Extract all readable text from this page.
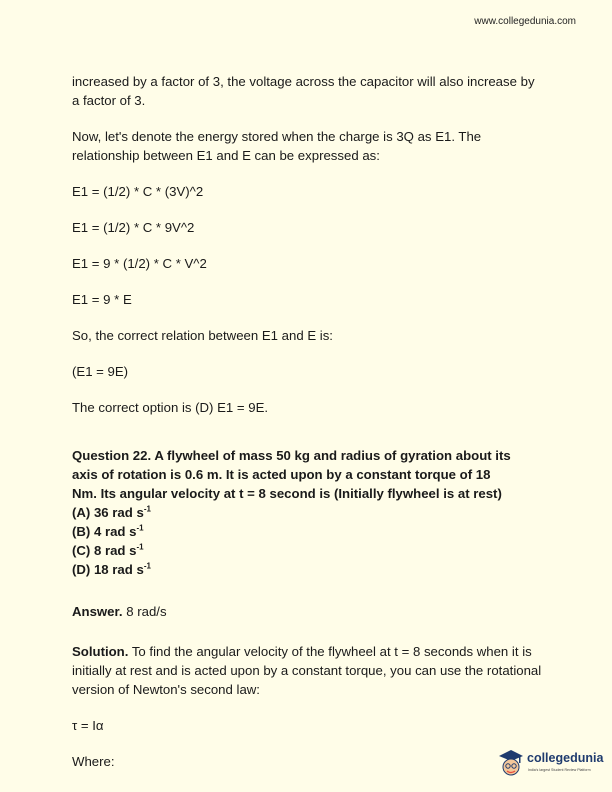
www.collegedunia.com

increased by a factor of 3, the voltage across the capacitor will also increase by a factor of 3.

Now, let's denote the energy stored when the charge is 3Q as E1. The relationship between E1 and E can be expressed as:

E1 = (1/2) * C * (3V)^2

E1 = (1/2) * C * 9V^2

E1 = 9 * (1/2) * C * V^2

E1 = 9 * E

So, the correct relation between E1 and E is:

(E1 = 9E)

The correct option is (D) E1 = 9E.

Question 22. A flywheel of mass 50 kg and radius of gyration about its

axis of rotation is 0.6 m. It is acted upon by a constant torque of 18

Nm. Its angular velocity at t = 8 second is (Initially flywheel is at rest)

(A) 36 rad $s^{-1}$

(B) 4 rad $s^{-1}$

(C) 8 rad $s^{-1}$

(D) 18 rad $s^{-1}$

Answer. 8 rad/s

Solution. To find the angular velocity of the flywheel at t = 8 seconds when it is initially at rest and is acted upon by a constant torque, you can use the rotational version of Newton's second law:

τ = Iα

Where:	collegedunia
India's largest Student Review Platform
